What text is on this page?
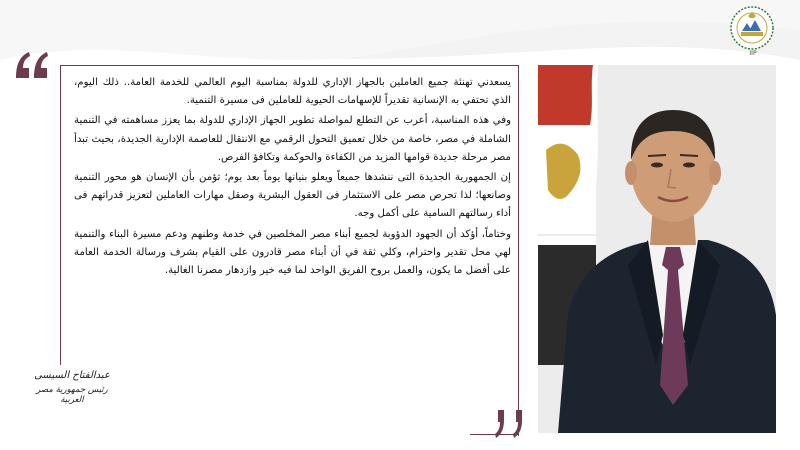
IIP

يسعدني تهنئة جميع العاملين بالجهاز الإداري للدولة بمناسبة اليوم العالمي للخدمة العامة.. ذلك اليوم، الذي تحتفي به الإنسانية تقديراً للإسهامات الحيوية للعاملين فى مسيرة التنمية.

وفي هذه المناسبة، أعرب عن التطلع لمواصلة تطوير الجهاز الإداري للدولة بما يعزز مساهمته في التنمية الشاملة في مصر، خاصة من خلال تعميق التحول الرقمي مع الانتقال للعاصمة الإدارية الجديدة، بحيث تبدأ مصر مرحلة جديدة قوامها المزيد من الكفاءة والحوكمة وتكافؤ الفرص.

إن الجمهورية الجديدة التى ننشدها جميعاً ويعلو بنيانها يوماً بعد يوم؛ تؤمن بأن الإنسان هو محور التنمية وصانعها؛ لذا تحرص مصر على الاستثمار فى العقول البشرية وصقل مهارات العاملين لتعزيز قدراتهم فى أداء رسالتهم السامية على أكمل وجه.

وختاماً، أؤكد أن الجهود الدؤوبة لجميع أبناء مصر المخلصين في خدمة وطنهم ودعم مسيرة البناء والتنمية لهي محل تقدير واحترام، وكلي ثقة في أن أبناء مصر قادرون على القيام بشرف ورسالة الخدمة العامة على أفضل ما يكون، والعمل بروح الفريق الواحد لما فيه خير وازدهار مصرنا الغالية.

عبدالفتاح السيسى
رئيس جمهورية مصر العربية
